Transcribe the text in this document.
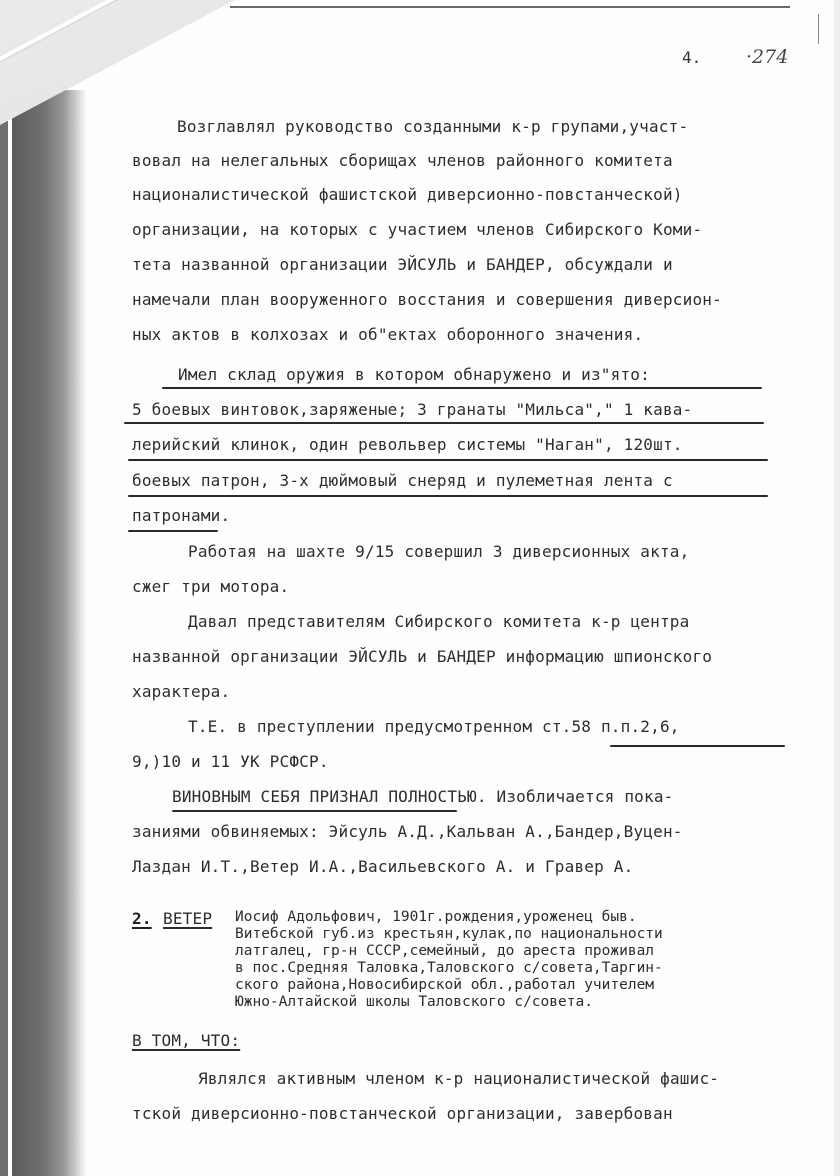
4. ·274
Возглавлял руководство созданными к-р групами,участ-
вовал на нелегальных сборищах членов районного комитета
националистической фашистской диверсионно-повстанческой)
организации, на которых с участием членов Сибирского Коми-
тета названной организации ЭЙСУЛЬ и БАНДЕР, обсуждали и
намечали план вооруженного восстания и совершения диверсион-
ных актов в колхозах и об"ектах оборонного значения.
Имел склад оружия в котором обнаружено и из"ято:
5 боевых винтовок,заряженые; 3 гранаты "Мильса"," 1 кава-
лерийский клинок, один револьвер системы "Наган", 120шт.
боевых патрон, 3-х дюймовый снеряд и пулеметная лента с
патронами.
Работая на шахте 9/15 совершил 3 диверсионных акта,
сжег три мотора.
Давал представителям Сибирского комитета к-р центра
названной организации ЭЙСУЛЬ и БАНДЕР информацию шпионского
характера.
Т.Е. в преступлении предусмотренном ст.58 п.п.2,6,
9,)10 и 11 УК РСФСР.
ВИНОВНЫМ СЕБЯ ПРИЗНАЛ ПОЛНОСТЬЮ. Изобличается пока-
заниями обвиняемых: Эйсуль А.Д.,Кальван А.,Бандер,Вуцен-
Лаздан И.Т.,Ветер И.А.,Васильевского А. и Гравер А.
2. ВЕТЕР Иосиф Адольфович, 1901г.рождения,уроженец быв.
Витебской губ.из крестьян,кулак,по национальности
латгалец, гр-н СССР,семейный, до ареста проживал
в пос.Средняя Таловка,Таловского с/совета,Таргин-
ского района,Новосибирской обл.,работал учителем
Южно-Алтайской школы Таловского с/совета.
В ТОМ, ЧТО:
Являлся активным членом к-р националистической фашис-
тской диверсионно-повстанческой организации, завербован
